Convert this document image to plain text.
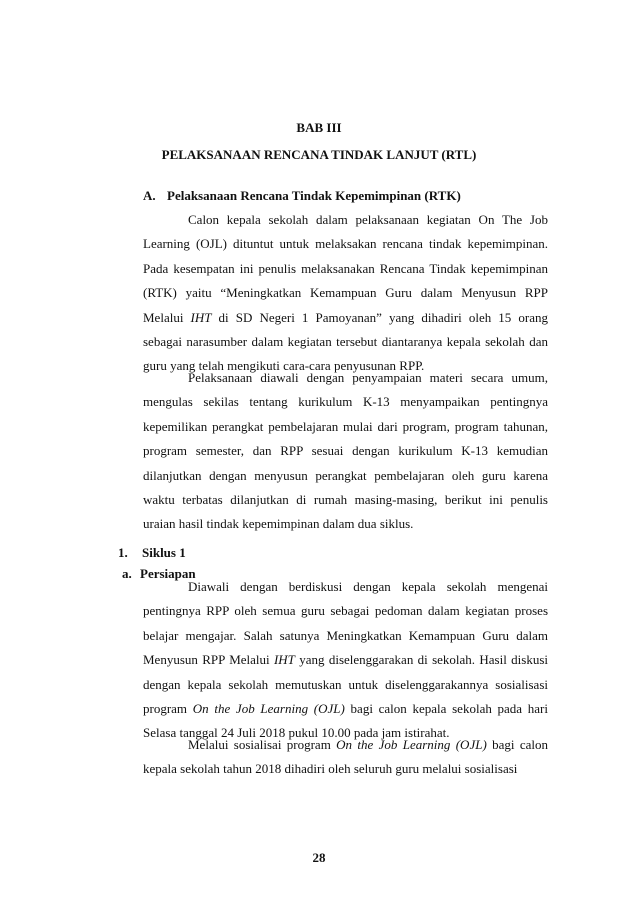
BAB III
PELAKSANAAN RENCANA TINDAK LANJUT (RTL)
A. Pelaksanaan Rencana Tindak Kepemimpinan (RTK)

Calon kepala sekolah dalam pelaksanaan kegiatan On The Job Learning (OJL) dituntut untuk melaksakan rencana tindak kepemimpinan. Pada kesempatan ini penulis melaksanakan Rencana Tindak kepemimpinan (RTK) yaitu “Meningkatkan Kemampuan Guru dalam Menyusun RPP Melalui IHT di SD Negeri 1 Pamoyanan” yang dihadiri oleh 15 orang sebagai narasumber dalam kegiatan tersebut diantaranya kepala sekolah dan guru yang telah mengikuti cara-cara penyusunan RPP.

Pelaksanaan diawali dengan penyampaian materi secara umum, mengulas sekilas tentang kurikulum K-13 menyampaikan pentingnya kepemilikan perangkat pembelajaran mulai dari program, program tahunan, program semester, dan RPP sesuai dengan kurikulum K-13 kemudian dilanjutkan dengan menyusun perangkat pembelajaran oleh guru karena waktu terbatas dilanjutkan di rumah masing-masing, berikut ini penulis uraian hasil tindak kepemimpinan dalam dua siklus.

1. Siklus 1
a. Persiapan

Diawali dengan berdiskusi dengan kepala sekolah mengenai pentingnya RPP oleh semua guru sebagai pedoman dalam kegiatan proses belajar mengajar. Salah satunya Meningkatkan Kemampuan Guru dalam Menyusun RPP Melalui IHT yang diselenggarakan di sekolah. Hasil diskusi dengan kepala sekolah memutuskan untuk diselenggarakannya sosialisasi program On the Job Learning (OJL) bagi calon kepala sekolah pada hari Selasa tanggal 24 Juli 2018 pukul 10.00 pada jam istirahat.

Melalui sosialisai program On the Job Learning (OJL) bagi calon kepala sekolah tahun 2018 dihadiri oleh seluruh guru melalui sosialisasi

28
